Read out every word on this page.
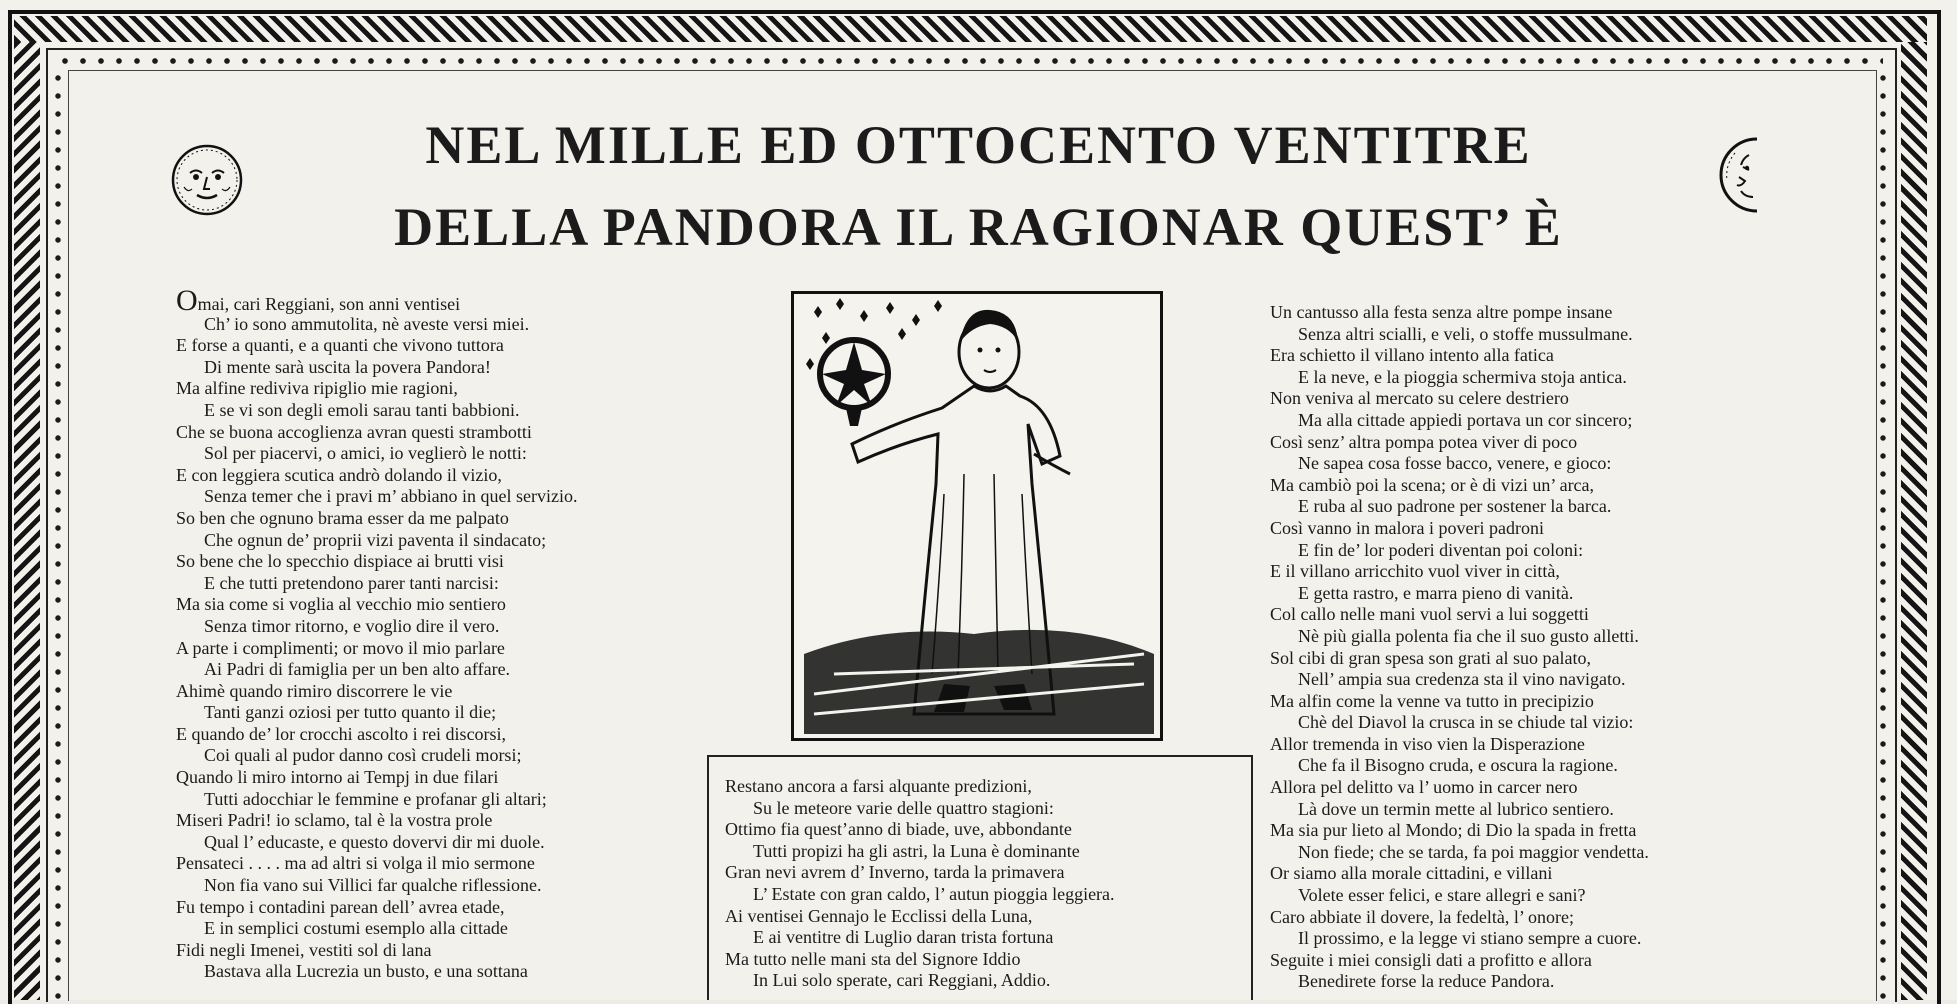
NEL MILLE ED OTTOCENTO VENTITRE
DELLA PANDORA IL RAGIONAR QUEST’ È
Omai, cari Reggiani, son anni ventisei
Ch’ io sono ammutolita, nè aveste versi miei.
E forse a quanti, e a quanti che vivono tuttora
Di mente sarà uscita la povera Pandora!
Ma alfine rediviva ripiglio mie ragioni,
E se vi son degli emoli sarau tanti babbioni.
Che se buona accoglienza avran questi strambotti
Sol per piacervi, o amici, io veglierò le notti:
E con leggiera scutica andrò dolando il vizio,
Senza temer che i pravi m’ abbiano in quel servizio.
So ben che ognuno brama esser da me palpato
Che ognun de’ proprii vizi paventa il sindacato;
So bene che lo specchio dispiace ai brutti visi
E che tutti pretendono parer tanti narcisi:
Ma sia come si voglia al vecchio mio sentiero
Senza timor ritorno, e voglio dire il vero.
A parte i complimenti; or movo il mio parlare
Ai Padri di famiglia per un ben alto affare.
Ahimè quando rimiro discorrere le vie
Tanti ganzi oziosi per tutto quanto il die;
E quando de’ lor crocchi ascolto i rei discorsi,
Coi quali al pudor danno così crudeli morsi;
Quando li miro intorno ai Tempj in due filari
Tutti adocchiar le femmine e profanar gli altari;
Miseri Padri! io sclamo, tal è la vostra prole
Qual l’ educaste, e questo dovervi dir mi duole.
Pensateci . . . . ma ad altri si volga il mio sermone
Non fia vano sui Villici far qualche riflessione.
Fu tempo i contadini parean dell’ avrea etade,
E in semplici costumi esemplo alla cittade
Fidi negli Imenei, vestiti sol di lana
Bastava alla Lucrezia un busto, e una sottana
Restano ancora a farsi alquante predizioni,
Su le meteore varie delle quattro stagioni:
Ottimo fia quest’anno di biade, uve, abbondante
Tutti propizi ha gli astri, la Luna è dominante
Gran nevi avrem d’ Inverno, tarda la primavera
L’ Estate con gran caldo, l’ autun pioggia leggiera.
Ai ventisei Gennajo le Ecclissi della Luna,
E ai ventitre di Luglio daran trista fortuna
Ma tutto nelle mani sta del Signore Iddio
In Lui solo sperate, cari Reggiani, Addio.
Un cantusso alla festa senza altre pompe insane
Senza altri scialli, e veli, o stoffe mussulmane.
Era schietto il villano intento alla fatica
E la neve, e la pioggia schermiva stoja antica.
Non veniva al mercato su celere destriero
Ma alla cittade appiedi portava un cor sincero;
Così senz’ altra pompa potea viver di poco
Ne sapea cosa fosse bacco, venere, e gioco:
Ma cambiò poi la scena; or è di vizi un’ arca,
E ruba al suo padrone per sostener la barca.
Così vanno in malora i poveri padroni
E fin de’ lor poderi diventan poi coloni:
E il villano arricchito vuol viver in città,
E getta rastro, e marra pieno di vanità.
Col callo nelle mani vuol servi a lui soggetti
Nè più gialla polenta fia che il suo gusto alletti.
Sol cibi di gran spesa son grati al suo palato,
Nell’ ampia sua credenza sta il vino navigato.
Ma alfin come la venne va tutto in precipizio
Chè del Diavol la crusca in se chiude tal vizio:
Allor tremenda in viso vien la Disperazione
Che fa il Bisogno cruda, e oscura la ragione.
Allora pel delitto va l’ uomo in carcer nero
Là dove un termin mette al lubrico sentiero.
Ma sia pur lieto al Mondo; di Dio la spada in fretta
Non fiede; che se tarda, fa poi maggior vendetta.
Or siamo alla morale cittadini, e villani
Volete esser felici, e stare allegri e sani?
Caro abbiate il dovere, la fedeltà, l’ onore;
Il prossimo, e la legge vi stiano sempre a cuore.
Seguite i miei consigli dati a profitto e allora
Benedirete forse la reduce Pandora.
